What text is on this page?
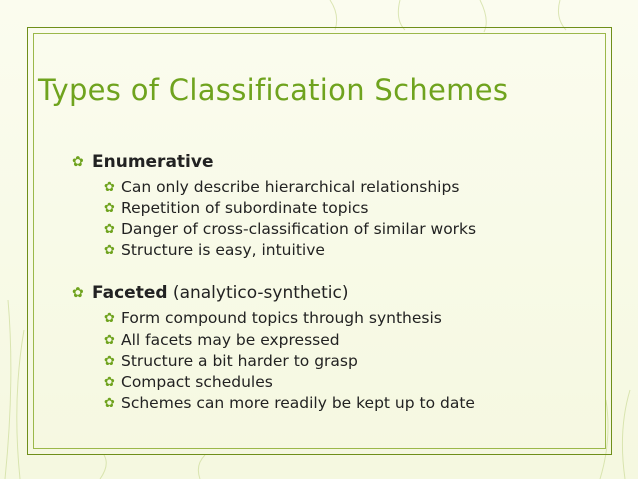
Types of Classification Schemes
✿ Enumerative
✿ Can only describe hierarchical relationships
✿ Repetition of subordinate topics
✿ Danger of cross-classification of similar works
✿ Structure is easy, intuitive
✿ Faceted (analytico-synthetic)
✿ Form compound topics through synthesis
✿ All facets may be expressed
✿ Structure a bit harder to grasp
✿ Compact schedules
✿ Schemes can more readily be kept up to date
